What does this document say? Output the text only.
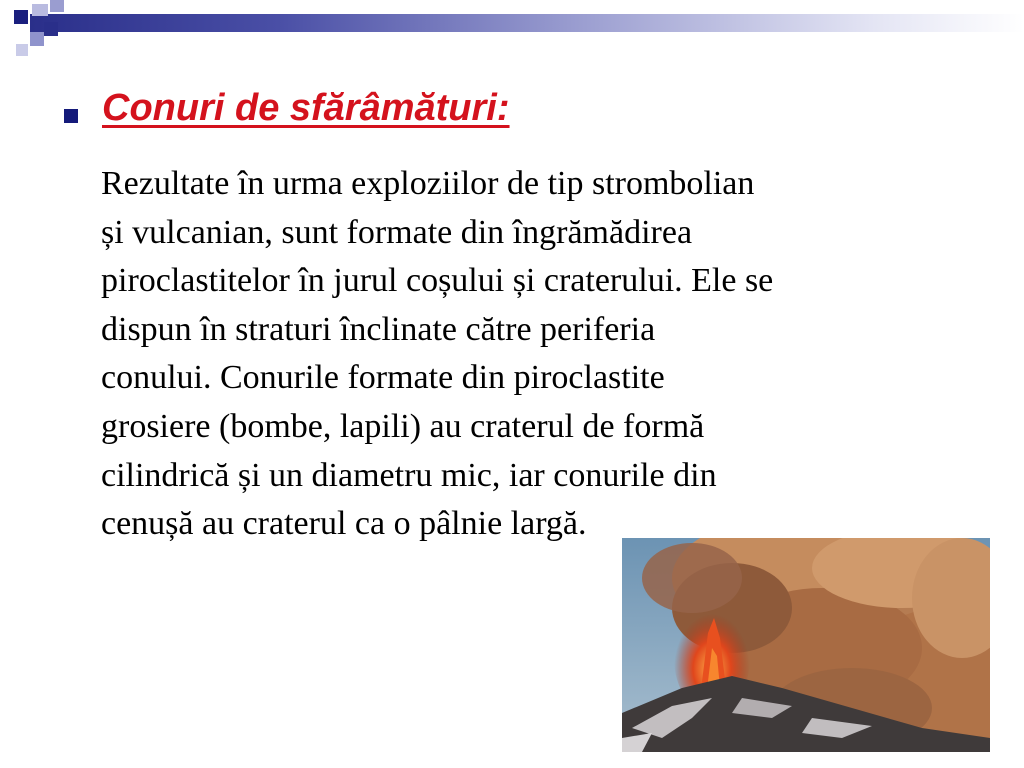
Conuri de sfărâmături:

Rezultate în urma exploziilor de tip strombolian
și vulcanian, sunt formate din îngrămădirea
piroclastitelor în jurul coșului și craterului. Ele se
dispun în straturi înclinate către periferia
conului. Conurile formate din piroclastite
grosiere (bombe, lapili) au craterul de formă
cilindrică și un diametru mic, iar conurile din
cenușă au craterul ca o pâlnie largă.
